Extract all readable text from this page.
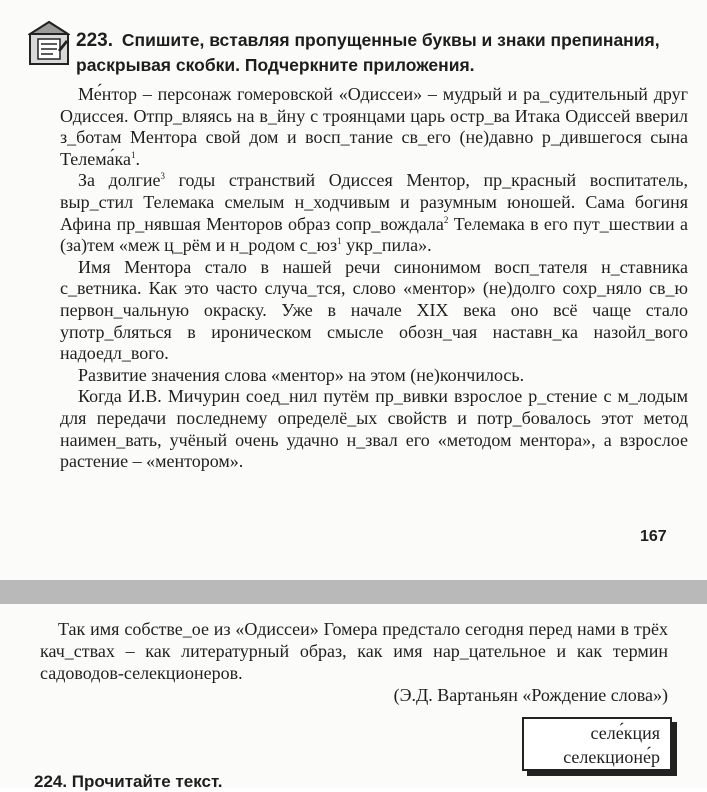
223. Спишите, вставляя пропущенные буквы и знаки препинания, раскрывая скобки. Подчеркните приложения.

Ме́нтор – персонаж гомеровской «Одиссеи» – мудрый и ра_судительный друг Одиссея. Отпр_вляясь на в_йну с троянцами царь остр_ва Итака Одиссей вверил з_ботам Ментора свой дом и восп_тание св_его (не)давно р_дившегося сына $Телема́ка^1$.

За долгие$^3$ годы странствий Одиссея Ментор, пр_красный воспитатель, выр_стил Телемака смелым н_ходчивым и разумным юношей. Сама богиня Афина пр_нявшая Менторов образ сопр_вождала$^2$ Телемака в его пут_шествии а (за)тем «меж ц_рём и н_родом $с\_юз^1$ укр_пила».

Имя Ментора стало в нашей речи синонимом восп_тателя н_ставника с_ветника. Как это часто случа_тся, слово «ментор» (не)долго сохр_няло св_ю первон_чальную окраску. Уже в начале XIX века оно всё чаще стало употр_бляться в ироническом смысле обозн_чая наставн_ка назойл_вого надоедл_вого.

Развитие значения слова «ментор» на этом (не)кончилось.

Когда И.В. Мичурин соед_нил путём пр_вивки взрослое р_стение с м_лодым для передачи последнему определё_ых свойств и потр_бовалось этот метод наимен_вать, учёный очень удачно н_звал его «методом ментора», а взрослое растение – «ментором».

167

Так имя собстве_ое из «Одиссеи» Гомера предстало сегодня перед нами в трёх кач_ствах – как литературный образ, как имя нар_цательное и как термин садоводов-селекционеров.

(Э.Д. Вартаньян «Рождение слова»)

селе́кция
селекционе́р
224. Прочитайте текст.
